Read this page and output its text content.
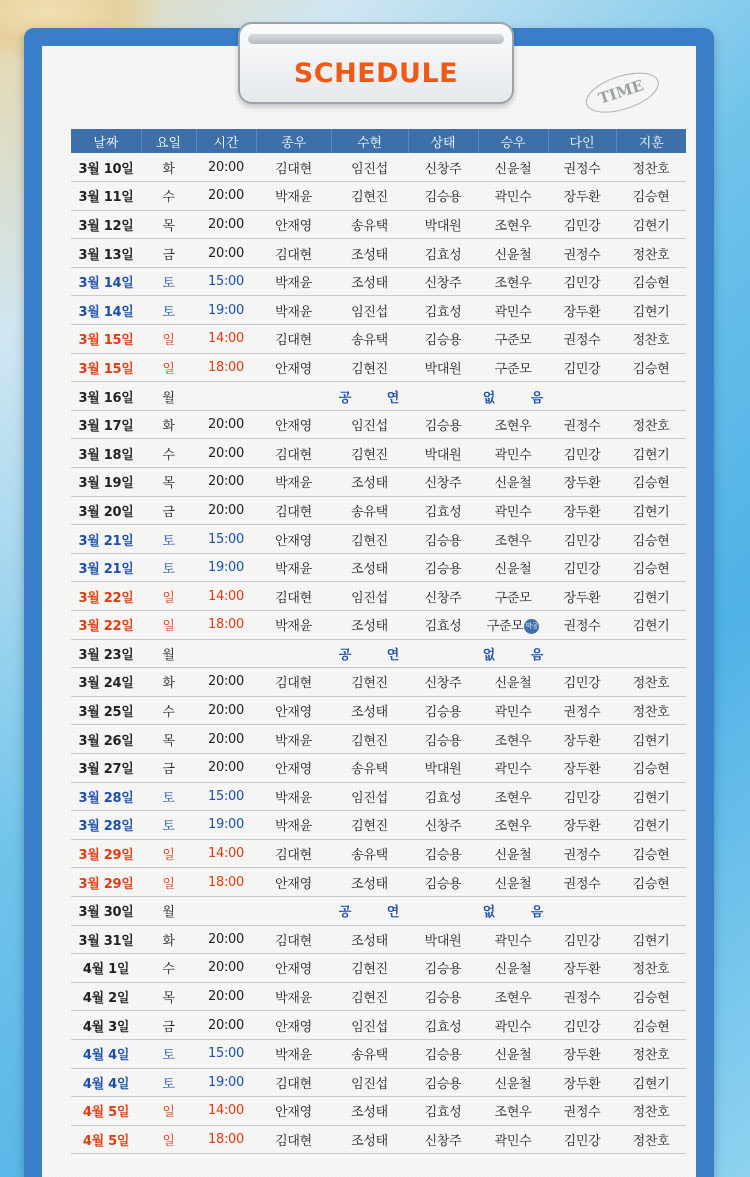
SCHEDULE
TIME
날짜	요일	시간	종우	수현	상태	승우	다인	지훈
3월 10일	화	20:00	김대현	임진섭	신창주	신윤철	권정수	정찬호
3월 11일	수	20:00	박재윤	김현진	김승용	곽민수	장두환	김승현
3월 12일	목	20:00	안재영	송유택	박대원	조현우	김민강	김현기
3월 13일	금	20:00	김대현	조성태	김효성	신윤철	권정수	정찬호
3월 14일	토	15:00	박재윤	조성태	신창주	조현우	김민강	김승현
3월 14일	토	19:00	박재윤	임진섭	김효성	곽민수	장두환	김현기
3월 15일	일	14:00	김대현	송유택	김승용	구준모	권정수	정찬호
3월 15일	일	18:00	안재영	김현진	박대원	구준모	김민강	김승현
3월 16일	월	공 연 없 음						
3월 17일	화	20:00	안재영	임진섭	김승용	조현우	권정수	정찬호
3월 18일	수	20:00	김대현	김현진	박대원	곽민수	김민강	김현기
3월 19일	목	20:00	박재윤	조성태	신창주	신윤철	장두환	김승현
3월 20일	금	20:00	김대현	송유택	김효성	곽민수	장두환	김현기
3월 21일	토	15:00	안재영	김현진	김승용	조현우	김민강	김승현
3월 21일	토	19:00	박재윤	조성태	김승용	신윤철	김민강	김승현
3월 22일	일	14:00	김대현	임진섭	신창주	구준모	장두환	김현기
3월 22일	일	18:00	박재윤	조성태	김효성	구준모 막공	권정수	김현기
3월 23일	월	공 연 없 음						
3월 24일	화	20:00	김대현	김현진	신창주	신윤철	김민강	정찬호
3월 25일	수	20:00	안재영	조성태	김승용	곽민수	권정수	정찬호
3월 26일	목	20:00	박재윤	김현진	김승용	조현우	장두환	김현기
3월 27일	금	20:00	안재영	송유택	박대원	곽민수	장두환	김승현
3월 28일	토	15:00	박재윤	임진섭	김효성	조현우	김민강	김현기
3월 28일	토	19:00	박재윤	김현진	신창주	조현우	장두환	김현기
3월 29일	일	14:00	김대현	송유택	김승용	신윤철	권정수	김승현
3월 29일	일	18:00	안재영	조성태	김승용	신윤철	권정수	김승현
3월 30일	월	공 연 없 음						
3월 31일	화	20:00	김대현	조성태	박대원	곽민수	김민강	김현기
4월 1일	수	20:00	안재영	김현진	김승용	신윤철	장두환	정찬호
4월 2일	목	20:00	박재윤	김현진	김승용	조현우	권정수	김승현
4월 3일	금	20:00	안재영	임진섭	김효성	곽민수	김민강	김승현
4월 4일	토	15:00	박재윤	송유택	김승용	신윤철	장두환	정찬호
4월 4일	토	19:00	김대현	임진섭	김승용	신윤철	장두환	김현기
4월 5일	일	14:00	안재영	조성태	김효성	조현우	권정수	정찬호
4월 5일	일	18:00	김대현	조성태	신창주	곽민수	김민강	정찬호
